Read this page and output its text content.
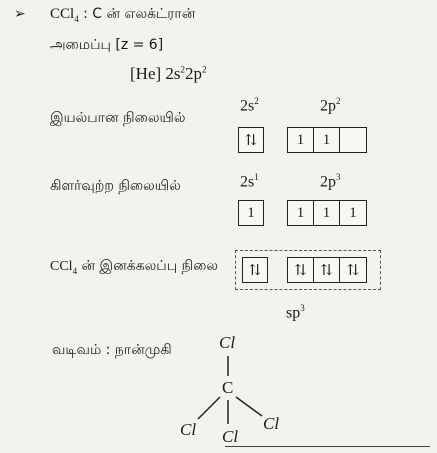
➢ CCl$_4$ : C ன் எலக்ட்ரான்
அமைப்பு [z = 6]
[He] $2s^22p^2$
இயல்பான நிலையில்
$2s^2$	$2p^2$
⇅	1	1
கிளர்வுற்ற நிலையில்	$2s^1$	$2p^3$
1	1	1	1
CCl$_4$ ன் இனக்கலப்பு நிலை	⇅	⇅ ⇅ ⇅
$sp^3$
வடிவம் : நான்முகி	Cl
C
Cl	Cl
Cl
